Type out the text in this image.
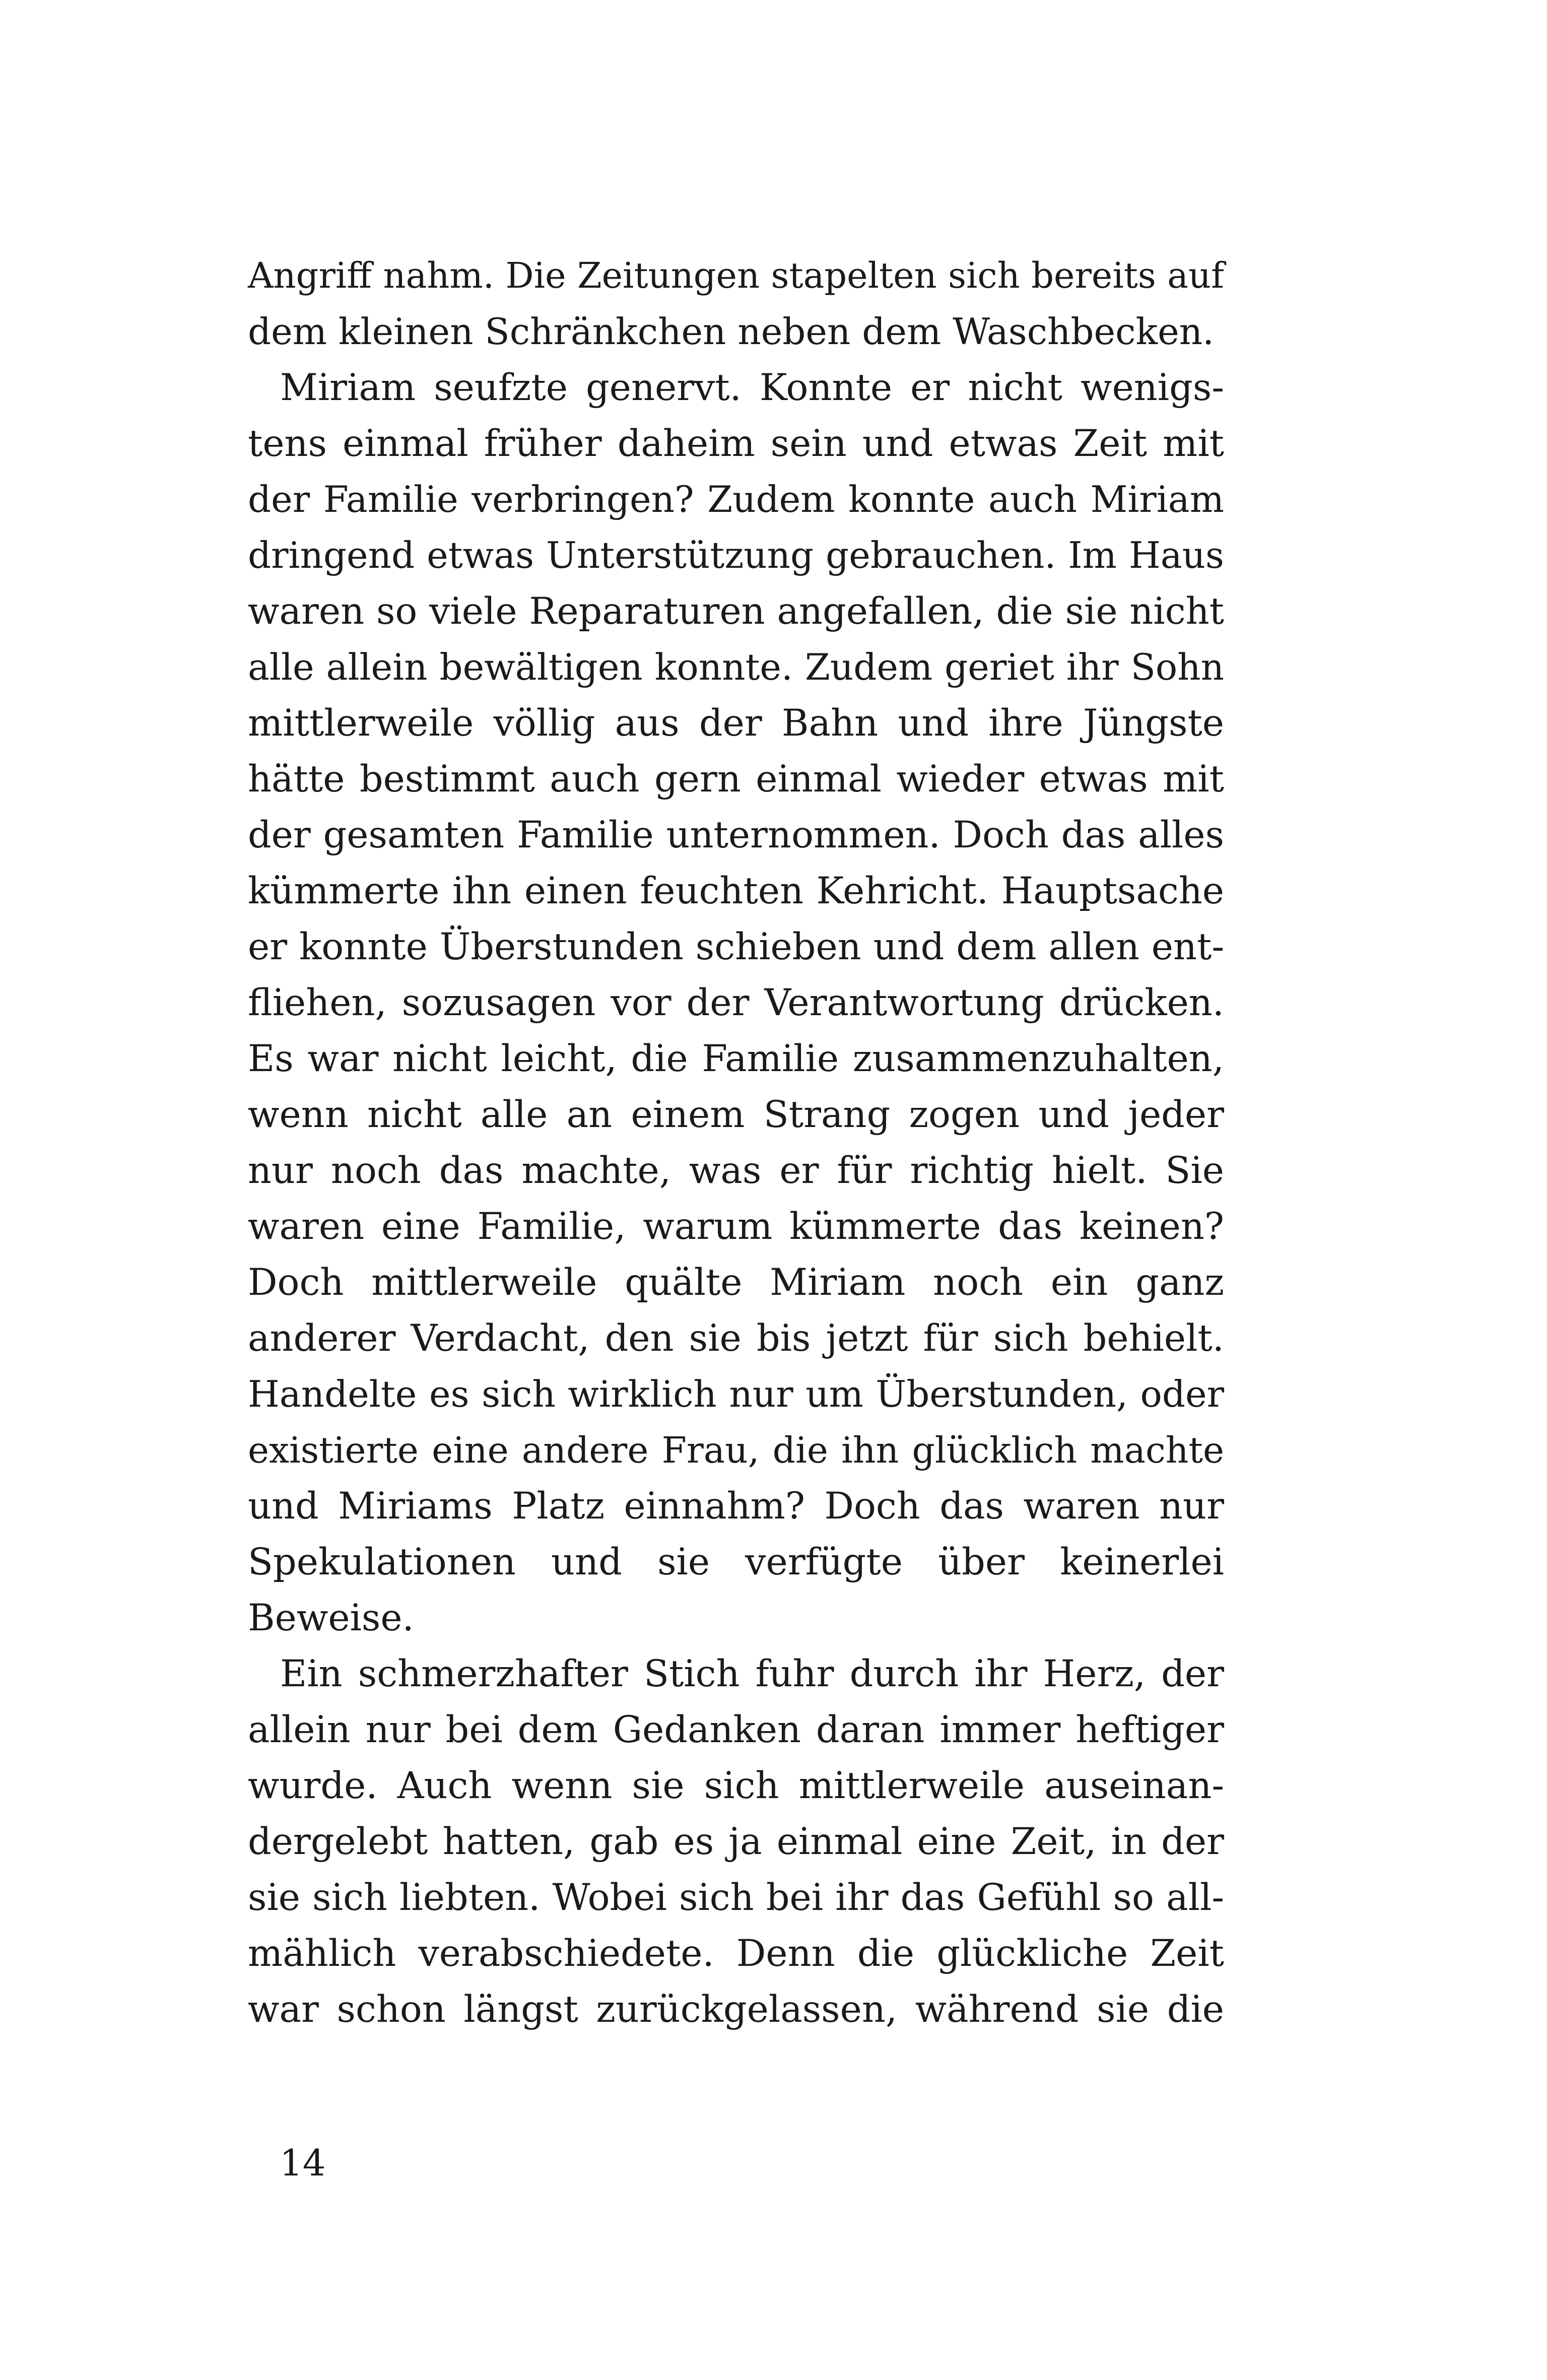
Angriff nahm. Die Zeitungen stapelten sich bereits auf
dem kleinen Schränkchen neben dem Waschbecken.
Miriam seufzte genervt. Konnte er nicht wenigs-
tens einmal früher daheim sein und etwas Zeit mit
der Familie verbringen? Zudem konnte auch Miriam
dringend etwas Unterstützung gebrauchen. Im Haus
waren so viele Reparaturen angefallen, die sie nicht
alle allein bewältigen konnte. Zudem geriet ihr Sohn
mittlerweile völlig aus der Bahn und ihre Jüngste
hätte bestimmt auch gern einmal wieder etwas mit
der gesamten Familie unternommen. Doch das alles
kümmerte ihn einen feuchten Kehricht. Hauptsache
er konnte Überstunden schieben und dem allen ent-
fliehen, sozusagen vor der Verantwortung drücken.
Es war nicht leicht, die Familie zusammenzuhalten,
wenn nicht alle an einem Strang zogen und jeder
nur noch das machte, was er für richtig hielt. Sie
waren eine Familie, warum kümmerte das keinen?
Doch mittlerweile quälte Miriam noch ein ganz
anderer Verdacht, den sie bis jetzt für sich behielt.
Handelte es sich wirklich nur um Überstunden, oder
existierte eine andere Frau, die ihn glücklich machte
und Miriams Platz einnahm? Doch das waren nur
Spekulationen und sie verfügte über keinerlei
Beweise.
Ein schmerzhafter Stich fuhr durch ihr Herz, der
allein nur bei dem Gedanken daran immer heftiger
wurde. Auch wenn sie sich mittlerweile auseinan-
dergelebt hatten, gab es ja einmal eine Zeit, in der
sie sich liebten. Wobei sich bei ihr das Gefühl so all-
mählich verabschiedete. Denn die glückliche Zeit
war schon längst zurückgelassen, während sie die
14
